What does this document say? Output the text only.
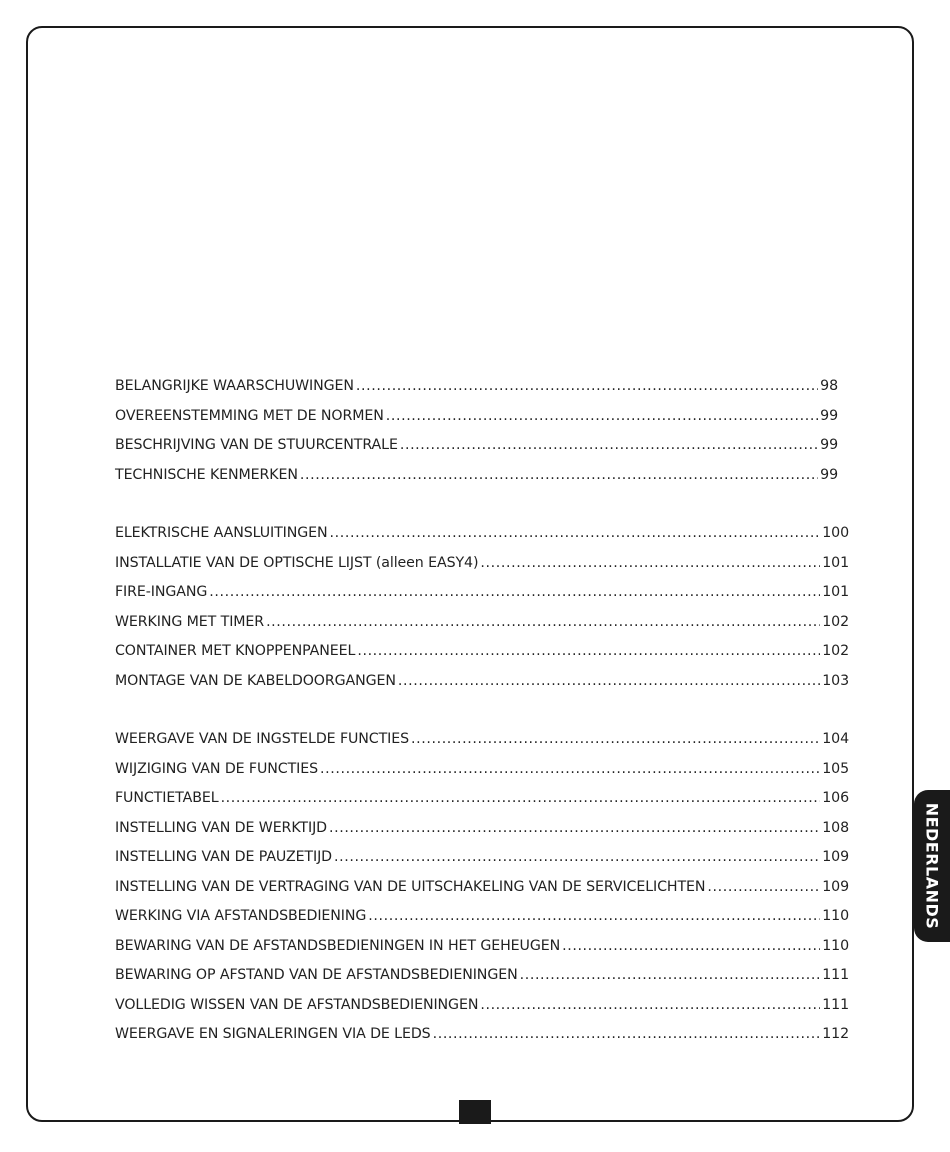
BELANGRIJKE WAARSCHUWINGEN .....	98
OVEREENSTEMMING MET DE NORMEN .....	99
BESCHRIJVING VAN DE STUURCENTRALE .....	99
TECHNISCHE KENMERKEN .....	99
ELEKTRISCHE AANSLUITINGEN .....	100
INSTALLATIE VAN DE OPTISCHE LIJST (alleen EASY4) .....	101
FIRE-INGANG .....	101
WERKING MET TIMER .....	102
CONTAINER MET KNOPPENPANEEL .....	102
MONTAGE VAN DE KABELDOORGANGEN .....	103
WEERGAVE VAN DE INGSTELDE FUNCTIES .....	104
WIJZIGING VAN DE FUNCTIES .....	105
FUNCTIETABEL .....	106
INSTELLING VAN DE WERKTIJD .....	108
INSTELLING VAN DE PAUZETIJD .....	109
INSTELLING VAN DE VERTRAGING VAN DE UITSCHAKELING VAN DE SERVICELICHTEN .....	109
WERKING VIA AFSTANDSBEDIENING .....	110
BEWARING VAN DE AFSTANDSBEDIENINGEN IN HET GEHEUGEN .....	110
BEWARING OP AFSTAND VAN DE AFSTANDSBEDIENINGEN .....	111
VOLLEDIG WISSEN VAN DE AFSTANDSBEDIENINGEN .....	111
WEERGAVE EN SIGNALERINGEN VIA DE LEDS .....	112
NEDERLANDS
